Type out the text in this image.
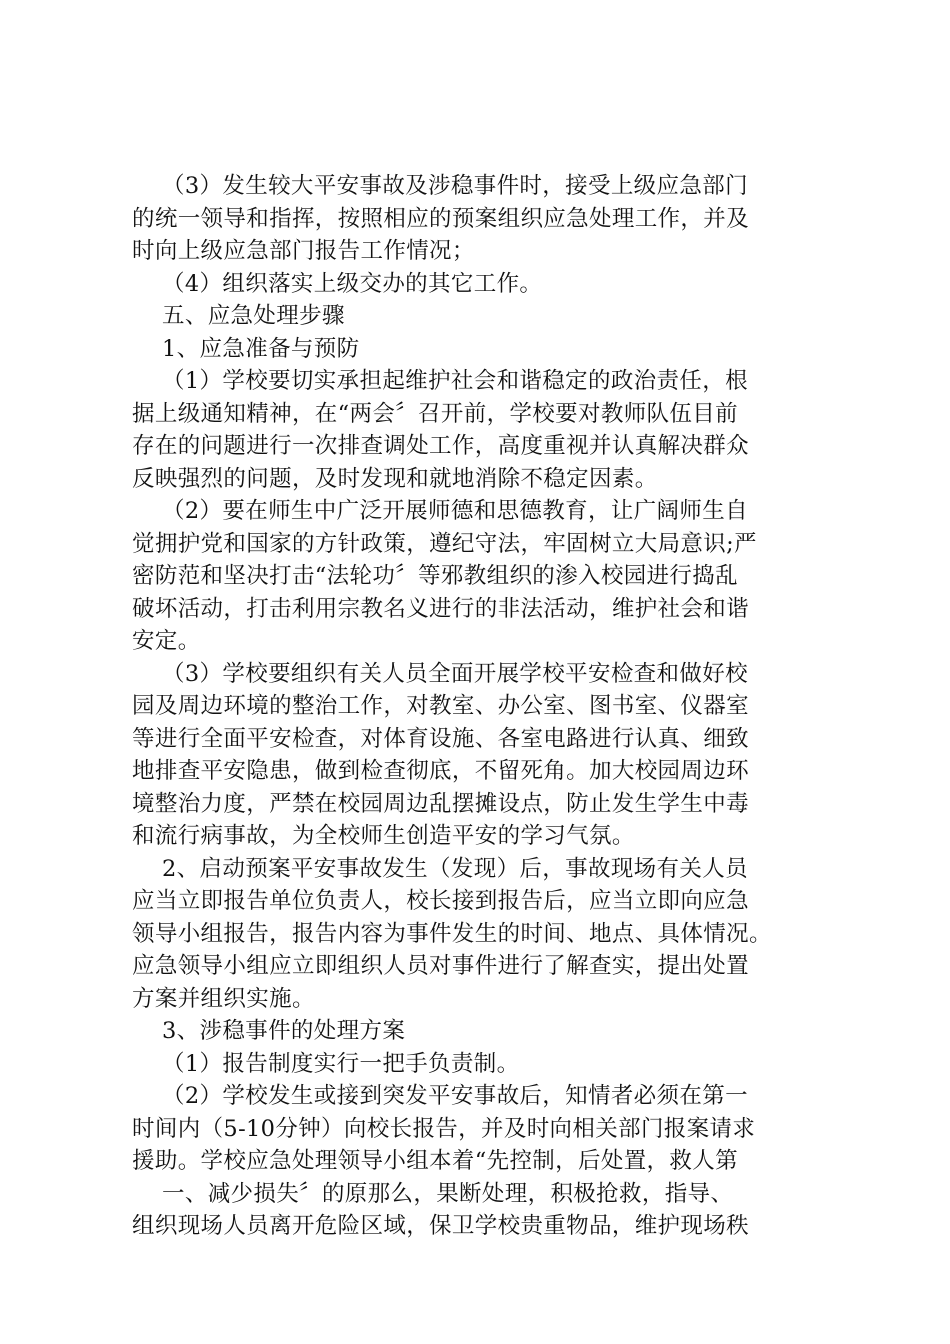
（3）发生较大平安事故及涉稳事件时，接受上级应急部门

的统一领导和指挥，按照相应的预案组织应急处理工作，并及

时向上级应急部门报告工作情况；

（4）组织落实上级交办的其它工作。

五、应急处理步骤

1、应急准备与预防

（1）学校要切实承担起维护社会和谐稳定的政治责任，根

据上级通知精神，在“两会〞召开前，学校要对教师队伍目前

存在的问题进行一次排查调处工作，高度重视并认真解决群众

反映强烈的问题，及时发现和就地消除不稳定因素。

（2）要在师生中广泛开展师德和思德教育，让广阔师生自

觉拥护党和国家的方针政策，遵纪守法，牢固树立大局意识;严

密防范和坚决打击“法轮功〞等邪教组织的渗入校园进行捣乱

破坏活动，打击利用宗教名义进行的非法活动，维护社会和谐

安定。

（3）学校要组织有关人员全面开展学校平安检查和做好校

园及周边环境的整治工作，对教室、办公室、图书室、仪器室

等进行全面平安检查，对体育设施、各室电路进行认真、细致

地排查平安隐患，做到检查彻底，不留死角。加大校园周边环

境整治力度，严禁在校园周边乱摆摊设点，防止发生学生中毒

和流行病事故，为全校师生创造平安的学习气氛。

2、启动预案平安事故发生（发现）后，事故现场有关人员

应当立即报告单位负责人，校长接到报告后，应当立即向应急

领导小组报告，报告内容为事件发生的时间、地点、具体情况。

应急领导小组应立即组织人员对事件进行了解查实，提出处置

方案并组织实施。

3、涉稳事件的处理方案

（1）报告制度实行一把手负责制。

（2）学校发生或接到突发平安事故后，知情者必须在第一

时间内（5-10分钟）向校长报告，并及时向相关部门报案请求

援助。学校应急处理领导小组本着“先控制，后处置，救人第

一、减少损失〞的原那么，果断处理，积极抢救，指导、

组织现场人员离开危险区域，保卫学校贵重物品，维护现场秩
